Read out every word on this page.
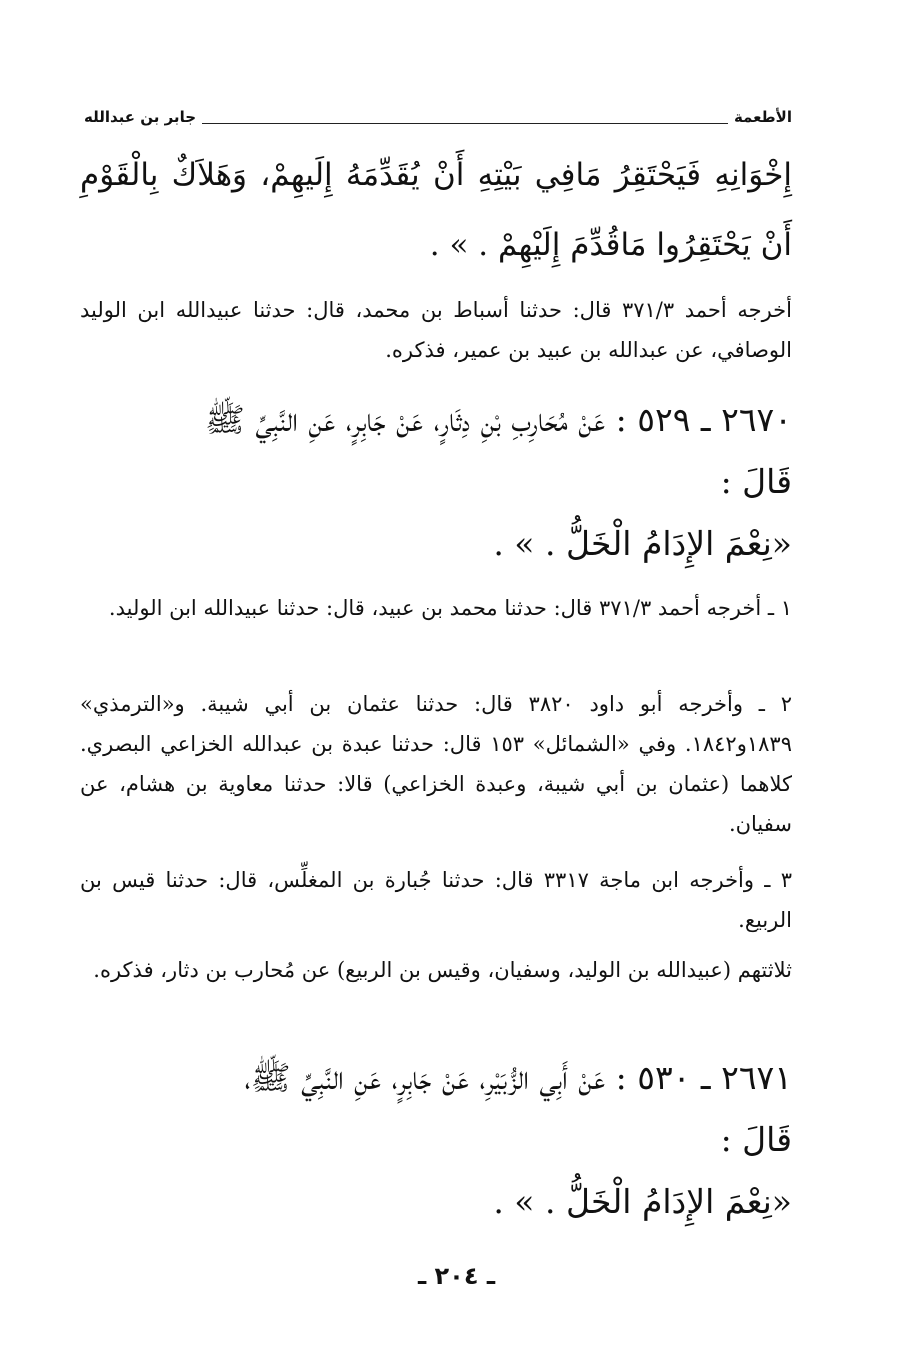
الأطعمة
جابر بن عبدالله
إِخْوَانِهِ فَيَحْتَقِرُ مَافِي بَيْتِهِ أَنْ يُقَدِّمَهُ إِلَيهِمْ، وَهَلاَكٌ بِالْقَوْمِ أَنْ يَحْتَقِرُوا مَاقُدِّمَ إِلَيْهِمْ . » .
أخرجه أحمد ٣٧١/٣ قال: حدثنا أسباط بن محمد، قال: حدثنا عبيدالله ابن الوليد الوصافي، عن عبدالله بن عبيد بن عمير، فذكره.
٢٦٧٠ ـ ٥٢٩ : عَنْ مُحَارِبِ بْنِ دِثَارٍ، عَنْ جَابِرٍ، عَنِ النَّبِيِّ ﷺ
قَالَ :
«نِعْمَ الإِدَامُ الْخَلُّ . » .
١ ـ أخرجه أحمد ٣٧١/٣ قال: حدثنا محمد بن عبيد، قال: حدثنا عبيدالله ابن الوليد.
٢ ـ وأخرجه أبو داود ٣٨٢٠ قال: حدثنا عثمان بن أبي شيبة. و«الترمذي» ١٨٣٩و١٨٤٢. وفي «الشمائل» ١٥٣ قال: حدثنا عبدة بن عبدالله الخزاعي البصري. كلاهما (عثمان بن أبي شيبة، وعبدة الخزاعي) قالا: حدثنا معاوية بن هشام، عن سفيان.
٣ ـ وأخرجه ابن ماجة ٣٣١٧ قال: حدثنا جُبارة بن المغلِّس، قال: حدثنا قيس بن الربيع.
ثلاثتهم (عبيدالله بن الوليد، وسفيان، وقيس بن الربيع) عن مُحارب بن دثار، فذكره.
٢٦٧١ ـ ٥٣٠ : عَنْ أَبِي الزُّبَيْرِ، عَنْ جَابِرٍ، عَنِ النَّبِيِّ ﷺ،
قَالَ :
«نِعْمَ الإِدَامُ الْخَلُّ . » .
ـ ٢٠٤ ـ
